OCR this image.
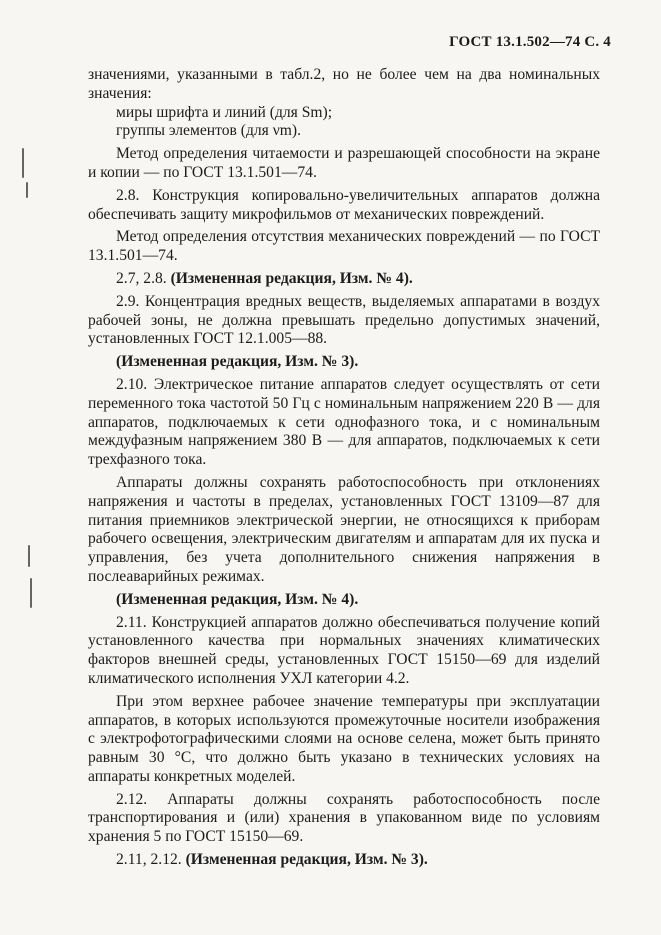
ГОСТ 13.1.502—74 С. 4

значениями, указанными в табл.2, но не более чем на два номинальных значения:

миры шрифта и линий (для Sm);

группы элементов (для νm).

Метод определения читаемости и разрешающей способности на экране и копии — по ГОСТ 13.1.501—74.

2.8. Конструкция копировально-увеличительных аппаратов должна обеспечивать защиту микрофильмов от механических повреждений.

Метод определения отсутствия механических повреждений — по ГОСТ 13.1.501—74.

2.7, 2.8. (Измененная редакция, Изм. № 4).

2.9. Концентрация вредных веществ, выделяемых аппаратами в воздух рабочей зоны, не должна превышать предельно допустимых значений, установленных ГОСТ 12.1.005—88.

(Измененная редакция, Изм. № 3).

2.10. Электрическое питание аппаратов следует осуществлять от сети переменного тока частотой 50 Гц с номинальным напряжением 220 В — для аппаратов, подключаемых к сети однофазного тока, и с номинальным междуфазным напряжением 380 В — для аппаратов, подключаемых к сети трехфазного тока.

Аппараты должны сохранять работоспособность при отклонениях напряжения и частоты в пределах, установленных ГОСТ 13109—87 для питания приемников электрической энергии, не относящихся к приборам рабочего освещения, электрическим двигателям и аппаратам для их пуска и управления, без учета дополнительного снижения напряжения в послеаварийных режимах.

(Измененная редакция, Изм. № 4).

2.11. Конструкцией аппаратов должно обеспечиваться получение копий установленного качества при нормальных значениях климатических факторов внешней среды, установленных ГОСТ 15150—69 для изделий климатического исполнения УХЛ категории 4.2.

При этом верхнее рабочее значение температуры при эксплуатации аппаратов, в которых используются промежуточные носители изображения с электрофотографическими слоями на основе селена, может быть принято равным 30 °С, что должно быть указано в технических условиях на аппараты конкретных моделей.

2.12. Аппараты должны сохранять работоспособность после транспортирования и (или) хранения в упакованном виде по условиям хранения 5 по ГОСТ 15150—69.

2.11, 2.12. (Измененная редакция, Изм. № 3).
